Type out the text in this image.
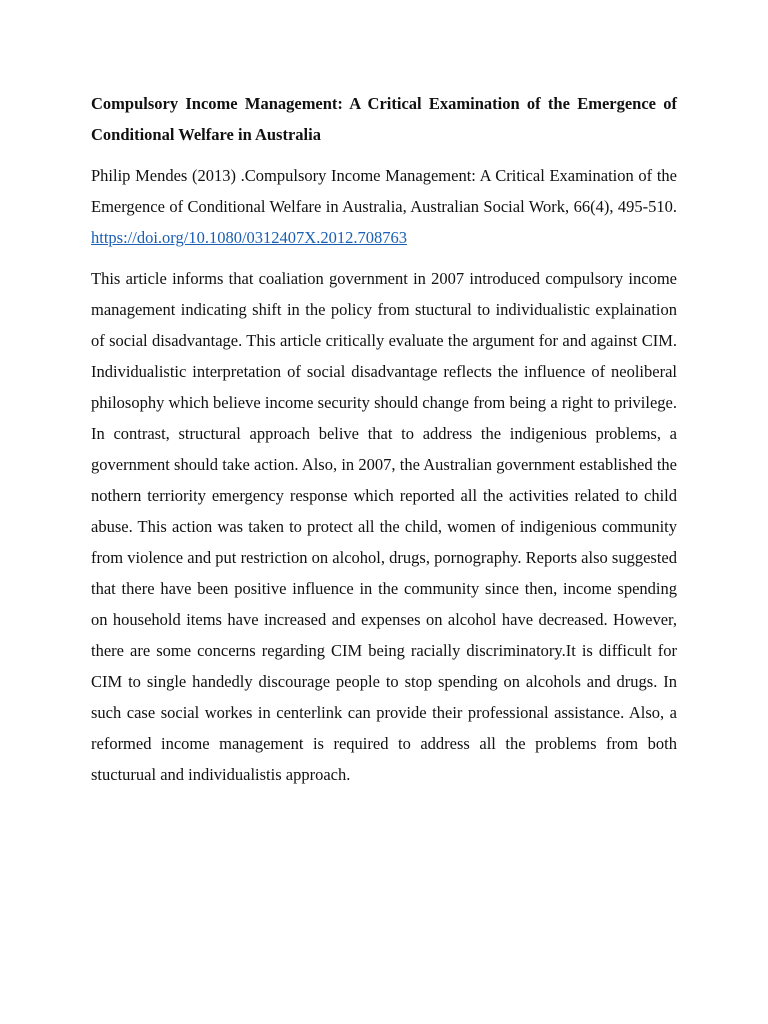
Compulsory Income Management: A Critical Examination of the Emergence of Conditional Welfare in Australia

Philip Mendes (2013) .Compulsory Income Management: A Critical Examination of the Emergence of Conditional Welfare in Australia, Australian Social Work, 66(4), 495-510. https://doi.org/10.1080/0312407X.2012.708763

This article informs that coaliation government in 2007 introduced compulsory income management indicating shift in the policy from stuctural to individualistic explaination of social disadvantage. This article critically evaluate the argument for and against CIM. Individualistic interpretation of social disadvantage reflects the influence of neoliberal philosophy which believe income security should change from being a right to privilege. In contrast, structural approach belive that to address the indigenious problems, a government should take action. Also, in 2007, the Australian government established the nothern terriority emergency response which reported all the activities related to child abuse. This action was taken to protect all the child, women of indigenious community from violence and put restriction on alcohol, drugs, pornography. Reports also suggested that there have been positive influence in the community since then, income spending on household items have increased and expenses on alcohol have decreased. However, there are some concerns regarding CIM being racially discriminatory.It is difficult for CIM to single handedly discourage people to stop spending on alcohols and drugs. In such case social workes in centerlink can provide their professional assistance. Also, a reformed income management is required to address all the problems from both stucturual and individualistis approach.
